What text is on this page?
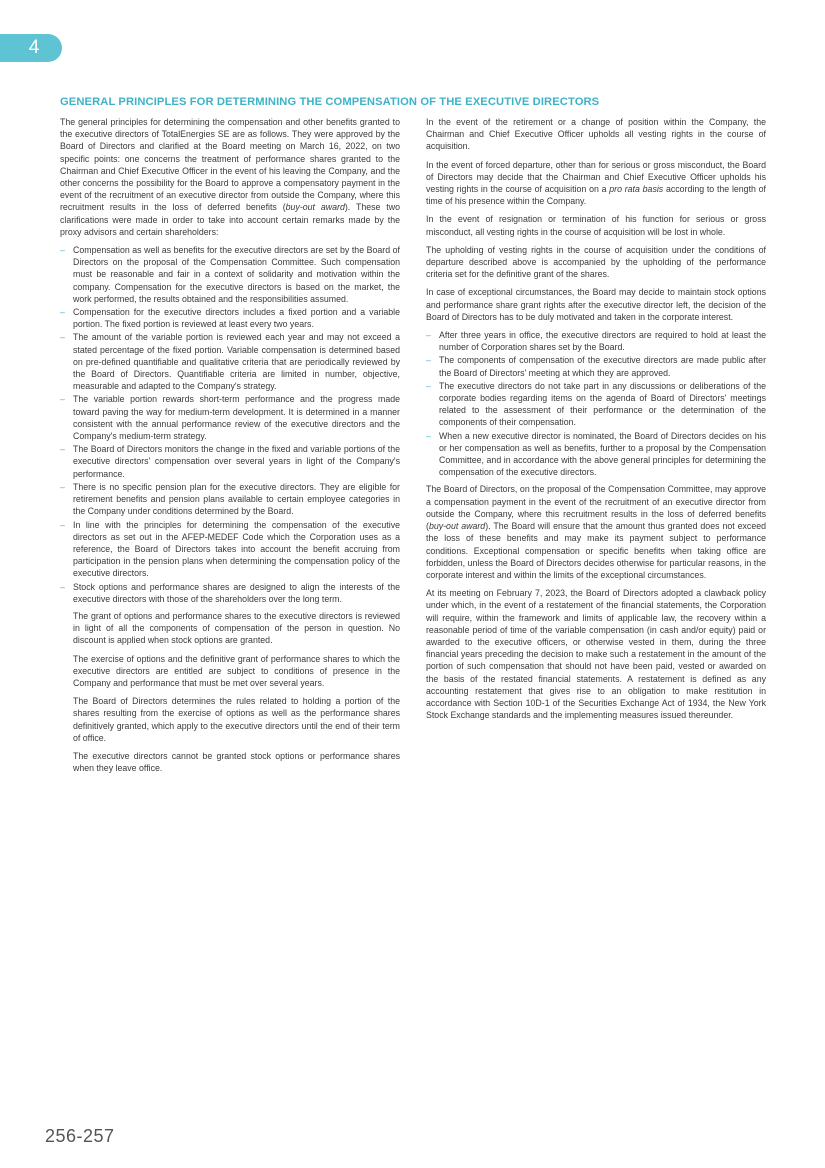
4
GENERAL PRINCIPLES FOR DETERMINING THE COMPENSATION OF THE EXECUTIVE DIRECTORS

The general principles for determining the compensation and other benefits granted to the executive directors of TotalEnergies SE are as follows. They were approved by the Board of Directors and clarified at the Board meeting on March 16, 2022, on two specific points: one concerns the treatment of performance shares granted to the Chairman and Chief Executive Officer in the event of his leaving the Company, and the other concerns the possibility for the Board to approve a compensatory payment in the event of the recruitment of an executive director from outside the Company, where this recruitment results in the loss of deferred benefits (buy-out award). These two clarifications were made in order to take into account certain remarks made by the proxy advisors and certain shareholders:

– Compensation as well as benefits for the executive directors are set by the Board of Directors on the proposal of the Compensation Committee. Such compensation must be reasonable and fair in a context of solidarity and motivation within the company. Compensation for the executive directors is based on the market, the work performed, the results obtained and the responsibilities assumed.
– Compensation for the executive directors includes a fixed portion and a variable portion. The fixed portion is reviewed at least every two years.
– The amount of the variable portion is reviewed each year and may not exceed a stated percentage of the fixed portion. Variable compensation is determined based on pre-defined quantifiable and qualitative criteria that are periodically reviewed by the Board of Directors. Quantifiable criteria are limited in number, objective, measurable and adapted to the Company's strategy.
– The variable portion rewards short-term performance and the progress made toward paving the way for medium-term development. It is determined in a manner consistent with the annual performance review of the executive directors and the Company's medium-term strategy.
– The Board of Directors monitors the change in the fixed and variable portions of the executive directors' compensation over several years in light of the Company's performance.
– There is no specific pension plan for the executive directors. They are eligible for retirement benefits and pension plans available to certain employee categories in the Company under conditions determined by the Board.
– In line with the principles for determining the compensation of the executive directors as set out in the AFEP-MEDEF Code which the Corporation uses as a reference, the Board of Directors takes into account the benefit accruing from participation in the pension plans when determining the compensation policy of the executive directors.
– Stock options and performance shares are designed to align the interests of the executive directors with those of the shareholders over the long term.

The grant of options and performance shares to the executive directors is reviewed in light of all the components of compensation of the person in question. No discount is applied when stock options are granted.

The exercise of options and the definitive grant of performance shares to which the executive directors are entitled are subject to conditions of presence in the Company and performance that must be met over several years.

The Board of Directors determines the rules related to holding a portion of the shares resulting from the exercise of options as well as the performance shares definitively granted, which apply to the executive directors until the end of their term of office.

The executive directors cannot be granted stock options or performance shares when they leave office.

In the event of the retirement or a change of position within the Company, the Chairman and Chief Executive Officer upholds all vesting rights in the course of acquisition.

In the event of forced departure, other than for serious or gross misconduct, the Board of Directors may decide that the Chairman and Chief Executive Officer upholds his vesting rights in the course of acquisition on a pro rata basis according to the length of time of his presence within the Company.

In the event of resignation or termination of his function for serious or gross misconduct, all vesting rights in the course of acquisition will be lost in whole.

The upholding of vesting rights in the course of acquisition under the conditions of departure described above is accompanied by the upholding of the performance criteria set for the definitive grant of the shares.

In case of exceptional circumstances, the Board may decide to maintain stock options and performance share grant rights after the executive director left, the decision of the Board of Directors has to be duly motivated and taken in the corporate interest.

– After three years in office, the executive directors are required to hold at least the number of Corporation shares set by the Board.
– The components of compensation of the executive directors are made public after the Board of Directors' meeting at which they are approved.
– The executive directors do not take part in any discussions or deliberations of the corporate bodies regarding items on the agenda of Board of Directors' meetings related to the assessment of their performance or the determination of the components of their compensation.
– When a new executive director is nominated, the Board of Directors decides on his or her compensation as well as benefits, further to a proposal by the Compensation Committee, and in accordance with the above general principles for determining the compensation of the executive directors.

The Board of Directors, on the proposal of the Compensation Committee, may approve a compensation payment in the event of the recruitment of an executive director from outside the Company, where this recruitment results in the loss of deferred benefits (buy-out award). The Board will ensure that the amount thus granted does not exceed the loss of these benefits and may make its payment subject to performance conditions. Exceptional compensation or specific benefits when taking office are forbidden, unless the Board of Directors decides otherwise for particular reasons, in the corporate interest and within the limits of the exceptional circumstances.

At its meeting on February 7, 2023, the Board of Directors adopted a clawback policy under which, in the event of a restatement of the financial statements, the Corporation will require, within the framework and limits of applicable law, the recovery within a reasonable period of time of the variable compensation (in cash and/or equity) paid or awarded to the executive officers, or otherwise vested in them, during the three financial years preceding the decision to make such a restatement in the amount of the portion of such compensation that should not have been paid, vested or awarded on the basis of the restated financial statements. A restatement is defined as any accounting restatement that gives rise to an obligation to make restitution in accordance with Section 10D-1 of the Securities Exchange Act of 1934, the New York Stock Exchange standards and the implementing measures issued thereunder.

256-257
